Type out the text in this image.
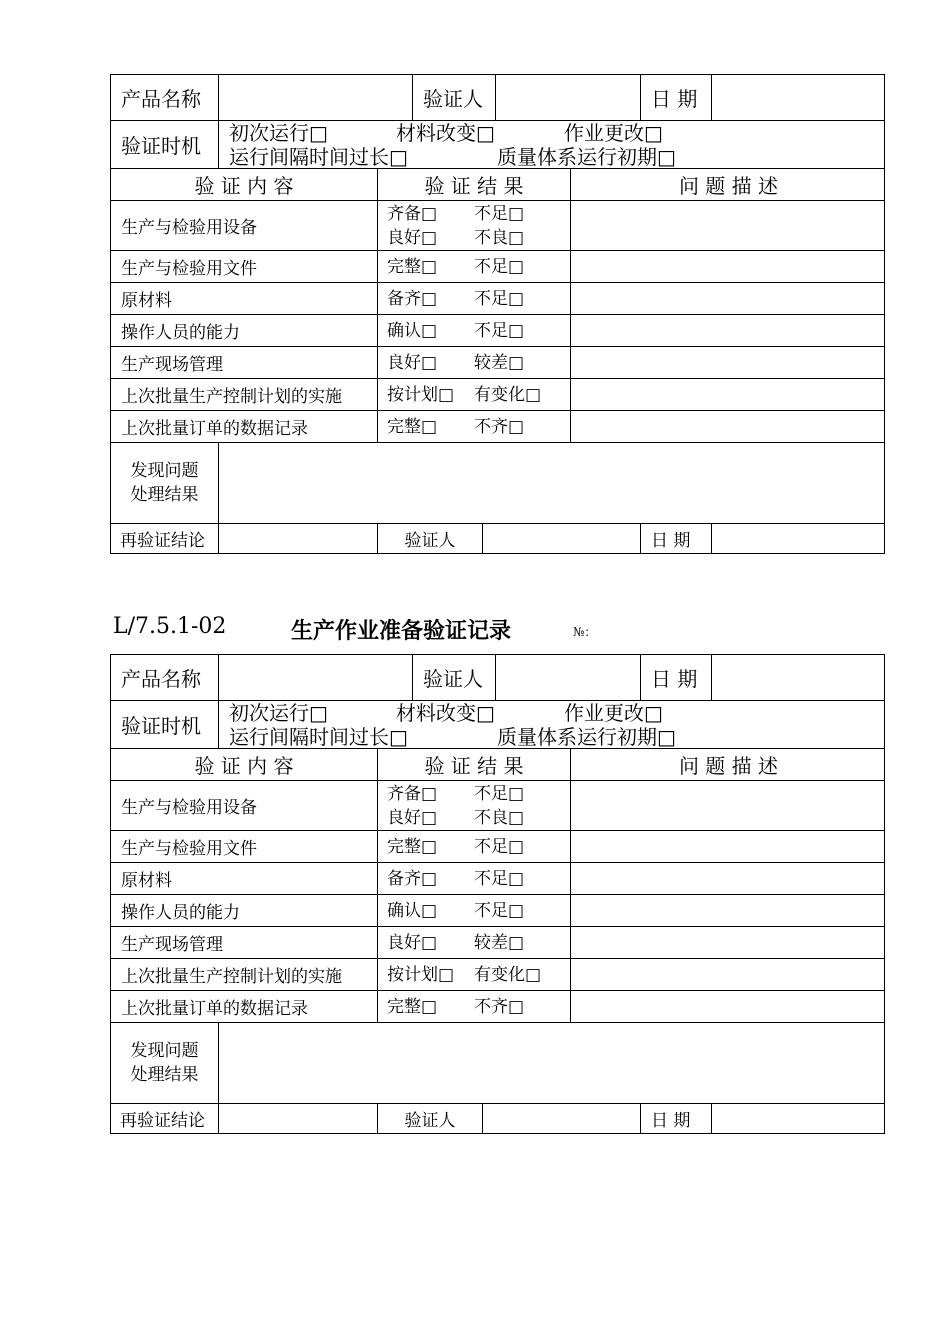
产品名称	验证人	日 期
验证时机
初次运行□	材料改变□	作业更改□
运行间隔时间过长□	质量体系运行初期□
验 证 内 容	验 证 结 果	问 题 描 述
生产与检验用设备
齐备□	不足□
良好□	不良□
生产与检验用文件	完整□	不足□
原材料	备齐□	不足□
操作人员的能力	确认□	不足□
生产现场管理	良好□	较差□
上次批量生产控制计划的实施	按计划□	有变化□
上次批量订单的数据记录	完整□	不齐□
发现问题
处理结果
再验证结论	验证人	日 期
L/7.5.1-02	生产作业准备验证记录	№：
产品名称	验证人	日 期
验证时机
初次运行□	材料改变□	作业更改□
运行间隔时间过长□	质量体系运行初期□
验 证 内 容	验 证 结 果	问 题 描 述
生产与检验用设备
齐备□	不足□
良好□	不良□
生产与检验用文件	完整□	不足□
原材料	备齐□	不足□
操作人员的能力	确认□	不足□
生产现场管理	良好□	较差□
上次批量生产控制计划的实施	按计划□	有变化□
上次批量订单的数据记录	完整□	不齐□
发现问题
处理结果
再验证结论	验证人	日 期
